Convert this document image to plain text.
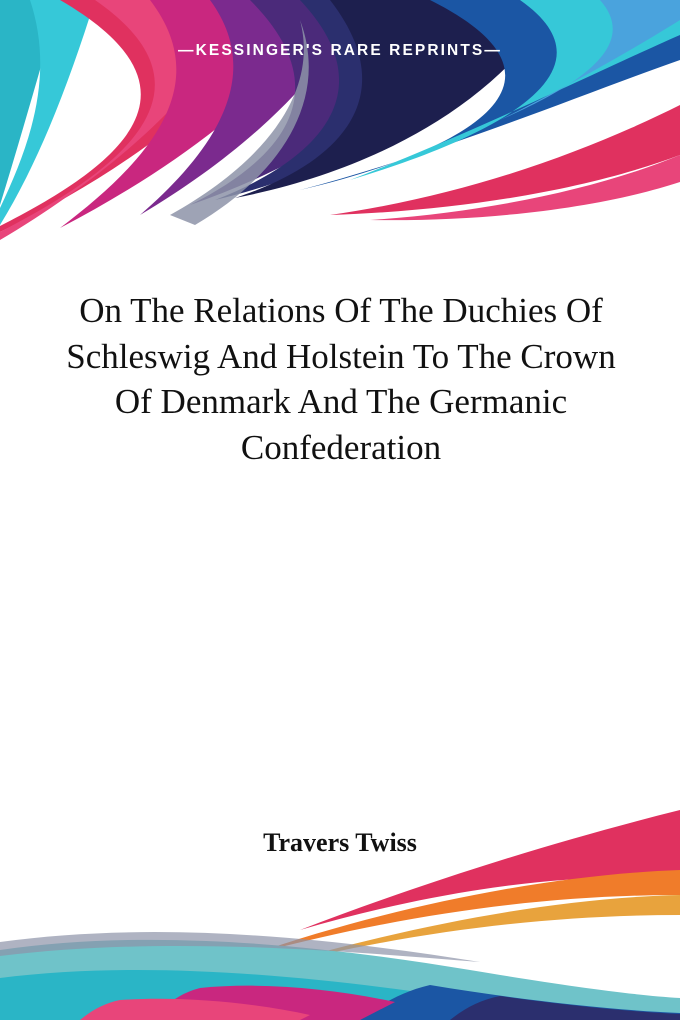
—KESSINGER'S RARE REPRINTS—
On The Relations Of The Duchies Of Schleswig And Holstein To The Crown Of Denmark And The Germanic Confederation
Travers Twiss
